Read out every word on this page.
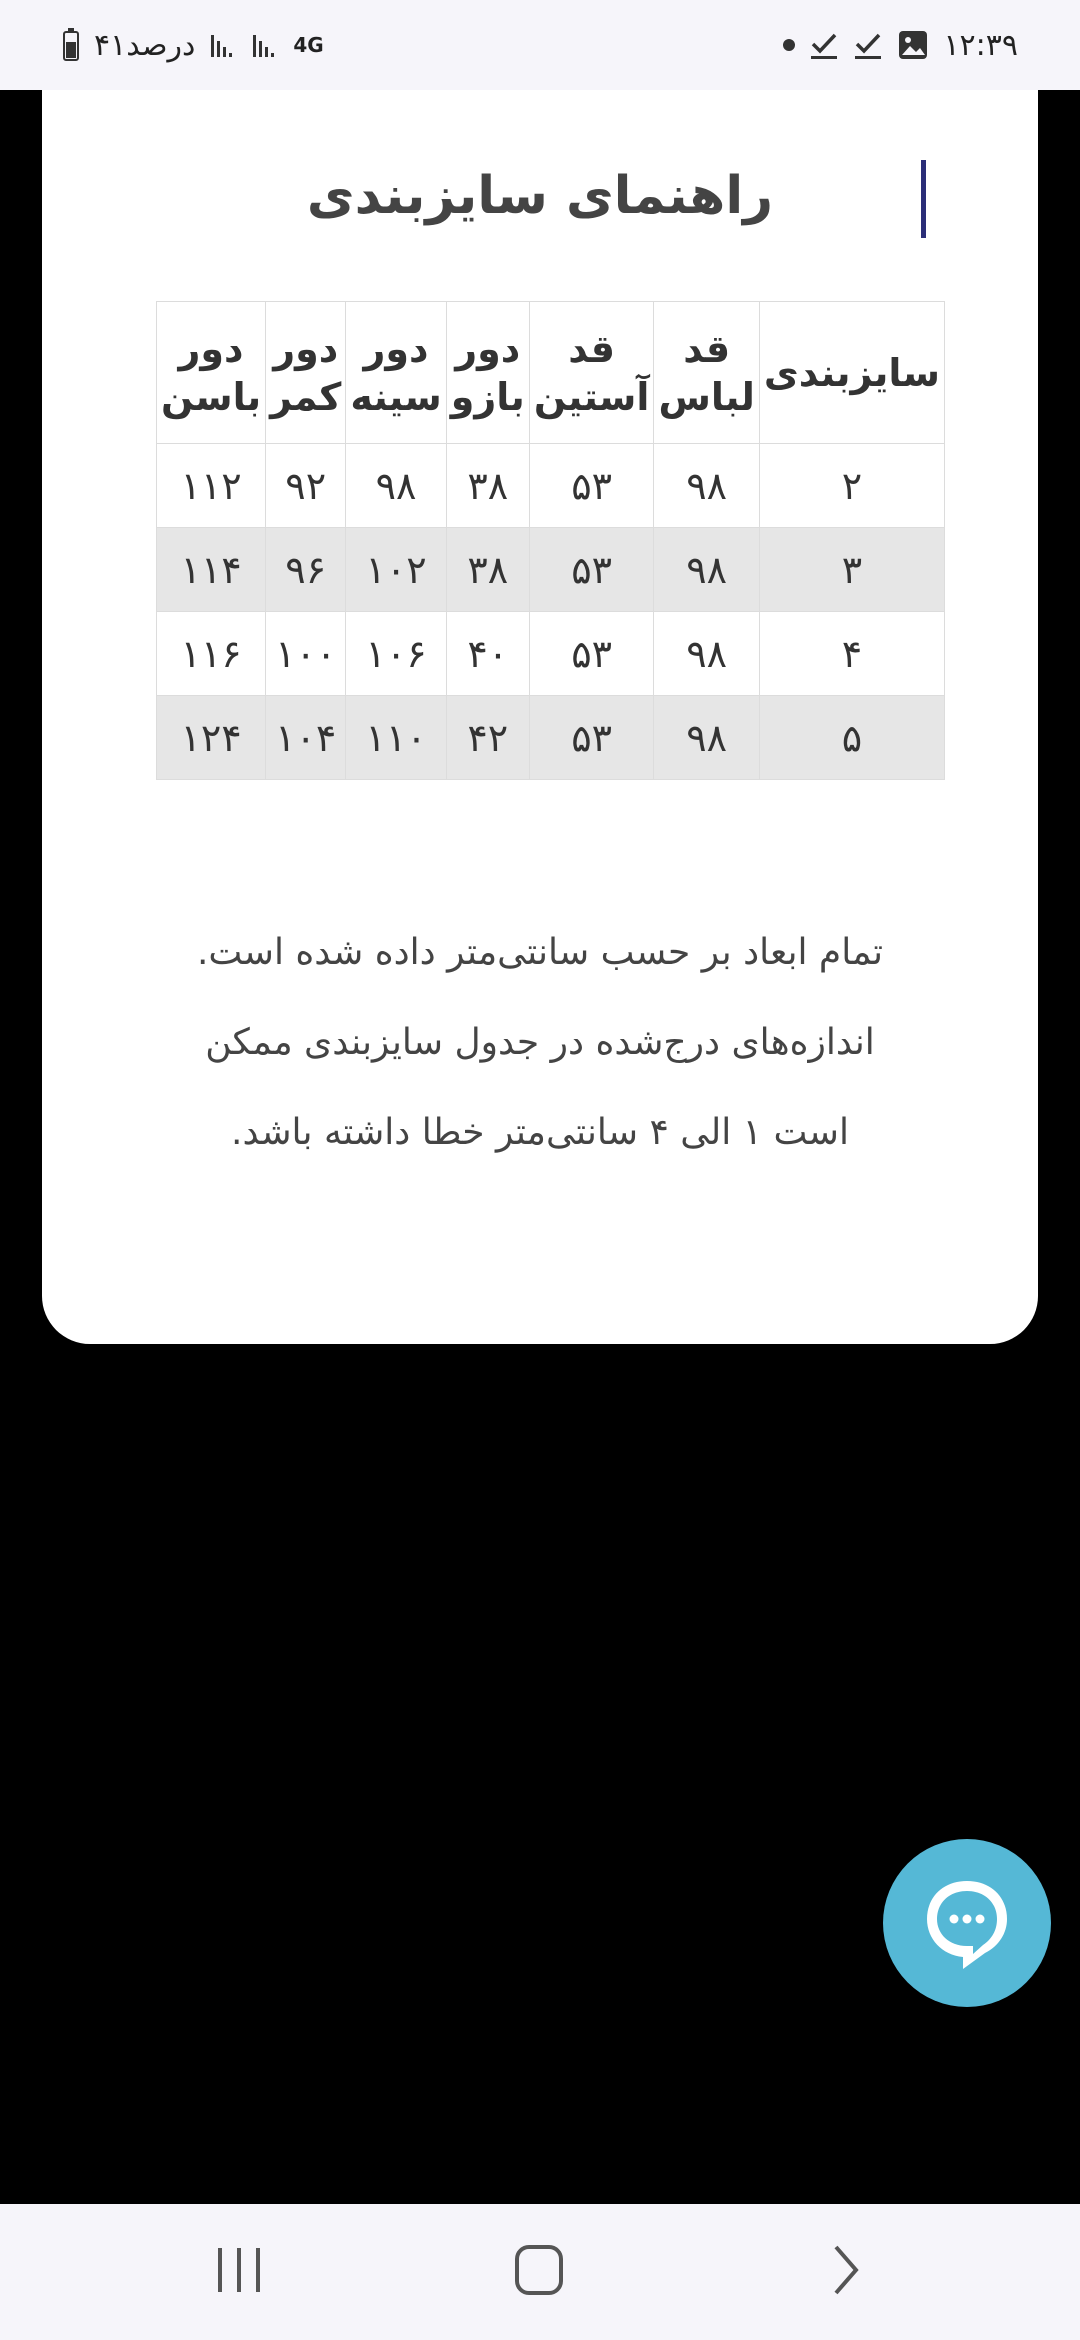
۴۱درصد	4G	۱۲:۳۹
راهنمای سایزبندی
سایزبندی	قد لباس	قد آستین	دور بازو	دور سینه	دور کمر	دور باسن
۲	۹۸	۵۳	۳۸	۹۸	۹۲	۱۱۲
۳	۹۸	۵۳	۳۸	۱۰۲	۹۶	۱۱۴
۴	۹۸	۵۳	۴۰	۱۰۶	۱۰۰	۱۱۶
۵	۹۸	۵۳	۴۲	۱۱۰	۱۰۴	۱۲۴
تمام ابعاد بر حسب سانتی‌متر داده شده است.
اندازه‌های درج‌شده در جدول سایزبندی ممکن
است ۱ الی ۴ سانتی‌متر خطا داشته باشد.
